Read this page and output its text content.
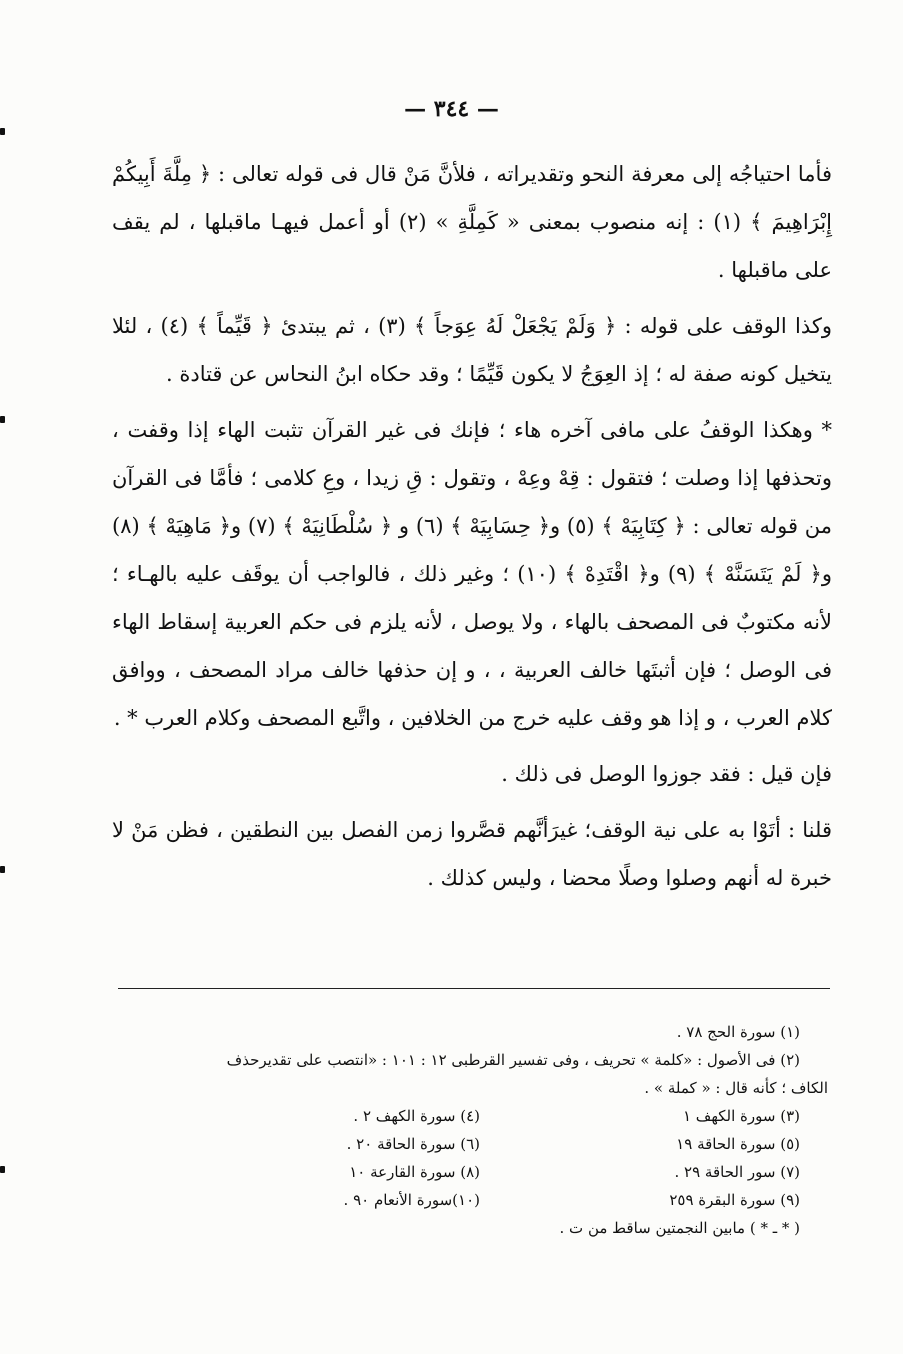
— ٣٤٤ —

فأما احتياجُه إلى معرفة النحو وتقديراته ، فلأنَّ مَنْ قال فى قوله تعالى : ﴿ مِلَّةَ أَبِيكُمْ إِبْرَاهِيمَ ﴾ (١) : إنه منصوب بمعنى « كَمِلَّةِ » (٢) أو أعمل فيهـا ماقبلها ، لم يقف على ماقبلها .

وكذا الوقف على قوله : ﴿ وَلَمْ يَجْعَلْ لَهُ عِوَجاً ﴾ (٣) ، ثم يبتدئ ﴿ قَيِّماً ﴾ (٤) ، لئلا يتخيل كونه صفة له ؛ إذ العِوَجُ لا يكون قَيِّمًا ؛ وقد حكاه ابنُ النحاس عن قتادة .

* وهكذا الوقفُ على مافى آخره هاء ؛ فإنك فى غير القرآن تثبت الهاء إذا وقفت ، وتحذفها إذا وصلت ؛ فتقول : قِهْ وعِهْ ، وتقول : قِ زيدا ، وعِ كلامى ؛ فأمَّا فى القرآن من قوله تعالى : ﴿ كِتَابِيَهْ ﴾ (٥) و﴿ حِسَابِيَهْ ﴾ (٦) و ﴿ سُلْطَانِيَهْ ﴾ (٧) و﴿ مَاهِيَهْ ﴾ (٨) و﴿ لَمْ يَتَسَنَّهْ ﴾ (٩) و﴿ اقْتَدِهْ ﴾ (١٠) ؛ وغير ذلك ، فالواجب أن يوقَف عليه بالهـاء ؛ لأنه مكتوبٌ فى المصحف بالهاء ، ولا يوصل ، لأنه يلزم فى حكم العربية إسقاط الهاء فى الوصل ؛ فإن أثبتَها خالف العربية ، ، و إن حذفها خالف مراد المصحف ، ووافق كلام العرب ، و إذا هو وقف عليه خرج من الخلافين ، واتَّبع المصحف وكلام العرب * .

فإن قيل : فقد جوزوا الوصل فى ذلك .

قلنا : أتَوْا به على نية الوقف؛ غيرَأنَّهم قصَّروا زمن الفصل بين النطقين ، فظن مَنْ لا خبرة له أنهم وصلوا وصلًا محضا ، وليس كذلك .

(١) سورة الحج ٧٨ .

(٢) فى الأصول : «كلمة » تحريف ، وفى تفسير القرطبى ١٢ : ١٠١ : «انتصب على تقديرحذف

الكاف ؛ كأنه قال : « كملة » .

(٣) سورة الكهف ١
(٤) سورة الكهف ٢ .
(٥) سورة الحاقة ١٩
(٦) سورة الحاقة ٢٠ .
(٧) سور الحاقة ٢٩ .
(٨) سورة القارعة ١٠
(٩) سورة البقرة ٢٥٩
(١٠)سورة الأنعام ٩٠ .

( * ـ * ) مابين النجمتين ساقط من ت .
